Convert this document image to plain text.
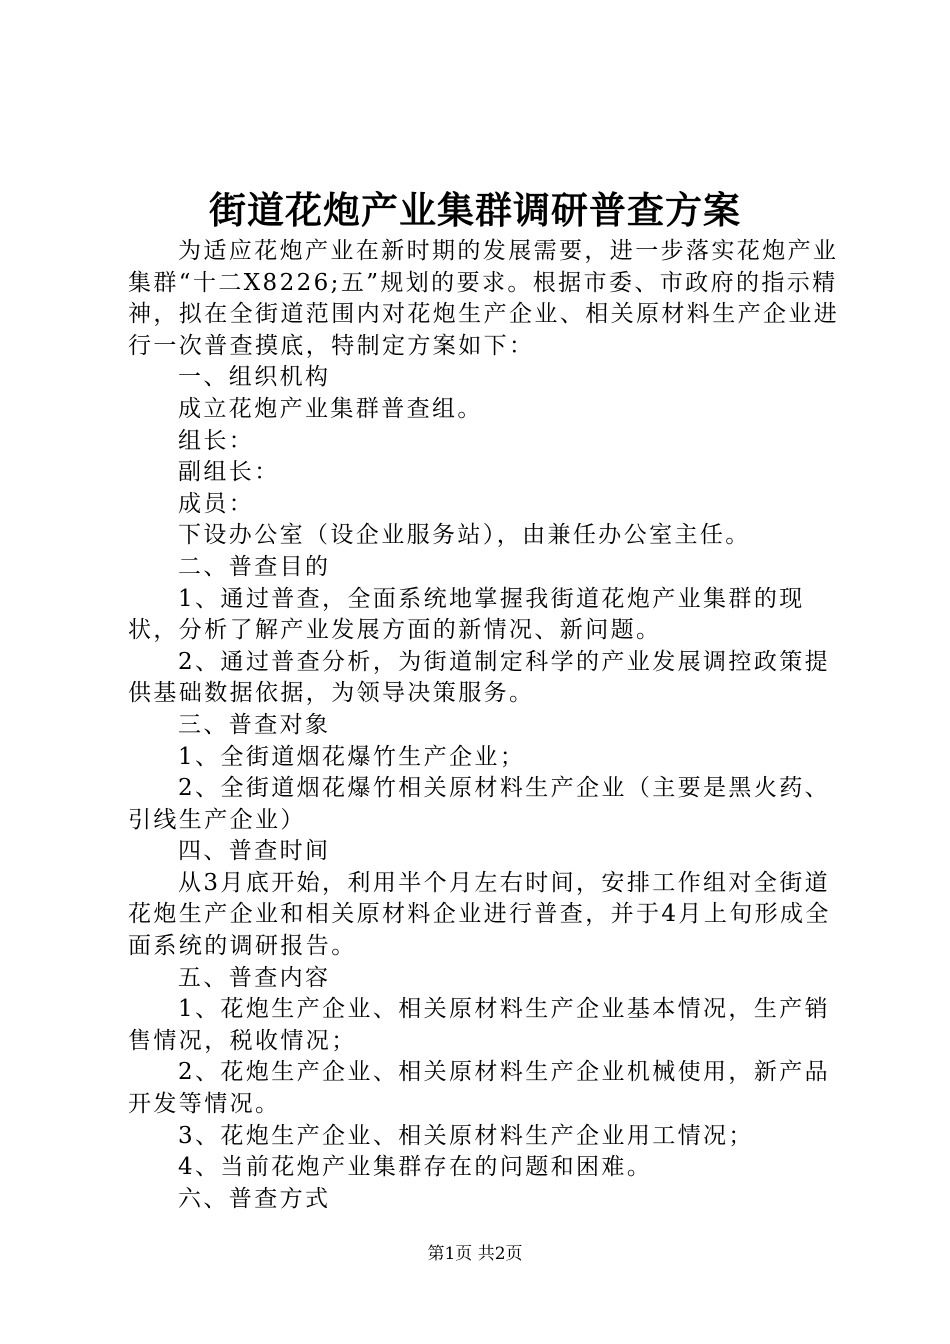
街道花炮产业集群调研普查方案

为适应花炮产业在新时期的发展需要，进一步落实花炮产业集群“十二X8226;五”规划的要求。根据市委、市政府的指示精神，拟在全街道范围内对花炮生产企业、相关原材料生产企业进行一次普查摸底，特制定方案如下：

一、组织机构

成立花炮产业集群普查组。

组长：

副组长：

成员：

下设办公室（设企业服务站），由兼任办公室主任。

二、普查目的

1、通过普查，全面系统地掌握我街道花炮产业集群的现状，分析了解产业发展方面的新情况、新问题。

2、通过普查分析，为街道制定科学的产业发展调控政策提供基础数据依据，为领导决策服务。

三、普查对象

1、全街道烟花爆竹生产企业；

2、全街道烟花爆竹相关原材料生产企业（主要是黑火药、引线生产企业）

四、普查时间

从3月底开始，利用半个月左右时间，安排工作组对全街道花炮生产企业和相关原材料企业进行普查，并于4月上旬形成全面系统的调研报告。

五、普查内容

1、花炮生产企业、相关原材料生产企业基本情况，生产销售情况，税收情况；

2、花炮生产企业、相关原材料生产企业机械使用，新产品开发等情况。

3、花炮生产企业、相关原材料生产企业用工情况；

4、当前花炮产业集群存在的问题和困难。

六、普查方式

第1页 共2页
